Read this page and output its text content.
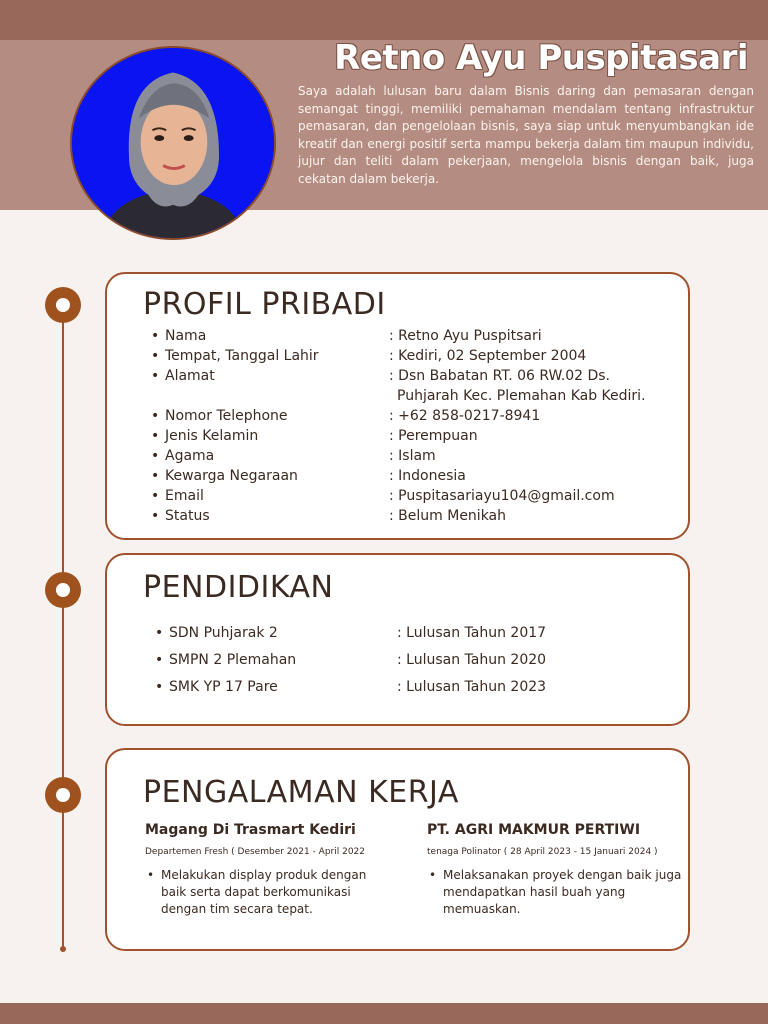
Retno Ayu Puspitasari
Saya adalah lulusan baru dalam Bisnis daring dan pemasaran dengan semangat tinggi, memiliki pemahaman mendalam tentang infrastruktur pemasaran, dan pengelolaan bisnis, saya siap untuk menyumbangkan ide kreatif dan energi positif serta mampu bekerja dalam tim maupun individu, jujur dan teliti dalam pekerjaan, mengelola bisnis dengan baik, juga cekatan dalam bekerja.
PROFIL PRIBADI
• Nama	: Retno Ayu Puspitsari
• Tempat, Tanggal Lahir	: Kediri, 02 September 2004
• Alamat	: Dsn Babatan RT. 06 RW.02 Ds.
Puhjarah Kec. Plemahan Kab Kediri.
• Nomor Telephone	: +62 858-0217-8941
• Jenis Kelamin	: Perempuan
• Agama	: Islam
• Kewarga Negaraan	: Indonesia
• Email	: Puspitasariayu104@gmail.com
• Status	: Belum Menikah
PENDIDIKAN
• SDN Puhjarak 2	: Lulusan Tahun 2017
• SMPN 2 Plemahan	: Lulusan Tahun 2020
• SMK YP 17 Pare	: Lulusan Tahun 2023
PENGALAMAN KERJA
Magang Di Trasmart Kediri
Departemen Fresh ( Desember 2021 - April 2022
• Melakukan display produk dengan baik serta dapat berkomunikasi dengan tim secara tepat.
PT. AGRI MAKMUR PERTIWI
tenaga Polinator ( 28 April 2023 - 15 Januari 2024 )
• Melaksanakan proyek dengan baik juga mendapatkan hasil buah yang memuaskan.
